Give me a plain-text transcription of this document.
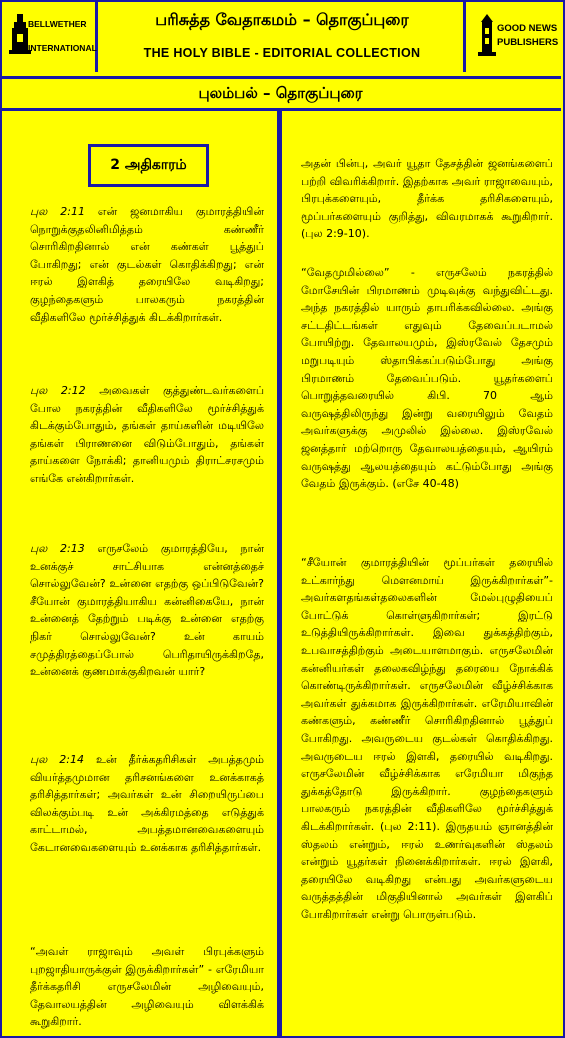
BELLWETHER
INTERNATIONAL
பரிசுத்த வேதாகமம் – தொகுப்புரை
THE HOLY BIBLE - EDITORIAL COLLECTION
GOOD NEWS
PUBLISHERS
புலம்பல் – தொகுப்புரை
2 அதிகாரம்
புல 2:11 என் ஜனமாகிய குமாரத்தியின் நொறுக்குதலினிமித்தம் கண்ணீர் சொரிகிறதினால் என் கண்கள் பூத்துப் போகிறது; என் குடல்கள் கொதிக்கிறது; என் ஈரல் இளகித் தரையிலே வடிகிறது; குழந்தைகளும் பாலகரும் நகரத்தின் வீதிகளிலே மூர்ச்சித்துக் கிடக்கிறார்கள்.
புல 2:12 அவைகள் குத்துண்டவர்களைப் போல நகரத்தின் வீதிகளிலே மூர்ச்சித்துக் கிடக்கும்போதும், தங்கள் தாய்களின் மடியிலே தங்கள் பிராணனை விடும்போதும், தங்கள் தாய்களை நோக்கி; தானியமும் திராட்சரசமும் எங்கே என்கிறார்கள்.
புல 2:13 எருசலேம் குமாரத்தியே, நான் உனக்குச் சாட்சியாக என்னத்தைச் சொல்லுவேன்? உன்னை எதற்கு ஒப்பிடுவேன்? சீயோன் குமாரத்தியாகிய கன்னிகையே, நான் உன்னைத் தேற்றும் படிக்கு உன்னை எதற்கு நிகர் சொல்லுவேன்? உன் காயம் சமுத்திரத்தைப்போல் பெரிதாயிருக்கிறதே, உன்னைக் குணமாக்குகிறவன் யார்?
புல 2:14 உன் தீர்க்கதரிசிகள் அபத்தமும் வியர்த்தமுமான தரிசனங்களை உனக்காகத் தரிசித்தார்கள்; அவர்கள் உன் சிறையிருப்பை விலக்கும்படி உன் அக்கிரமத்தை எடுத்துக் காட்டாமல், அபத்தமானவைகளையும் கேடானவைகளையும் உனக்காக தரிசித்தார்கள்.
“அவள் ராஜாவும் அவள் பிரபுக்களும் புறஜாதியாருக்குள் இருக்கிறார்கள்” - எரேமியா தீர்க்கதரிசி எருசலேமின் அழிவையும், தேவாலயத்தின் அழிவையும் விளக்கிக் கூறுகிறார்.
அதன் பின்பு, அவர் யூதா தேசத்தின் ஜனங்களைப் பற்றி விவரிக்கிறார். இதற்காக அவர் ராஜாவையும், பிரபுக்களையும், தீர்க்க தரிசிகளையும், மூப்பர்களையும் குறித்து, விவரமாகக் கூறுகிறார். (புல 2:9-10).
“வேதமுமில்லை” - எருசலேம் நகரத்தில் மோசேயின் பிரமாணம் முடிவுக்கு வந்துவிட்டது. அந்த நகரத்தில் யாரும் தாபரிக்கவில்லை. அங்கு சட்டதிட்டங்கள் எதுவும் தேவைப்படாமல் போயிற்று. தேவாலயமும், இஸ்ரவேல் தேசமும் மறுபடியும் ஸ்தாபிக்கப்படும்போது அங்கு பிரமாணம் தேவைப்படும். யூதர்களைப் பொறுத்தவரையில் கிபி. 70 ஆம் வருஷத்திலிருந்து இன்று வரையிலும் வேதம் அவர்களுக்கு அமுலில் இல்லை. இஸ்ரவேல் ஜனத்தார் மற்றொரு தேவாலயத்தையும், ஆயிரம் வருஷத்து ஆலயத்தையும் கட்டும்போது அங்கு வேதம் இருக்கும். (எசே 40-48)
“சீயோன் குமாரத்தியின் மூப்பர்கள் தரையில் உட்கார்ந்து மௌனமாய் இருக்கிறார்கள்”-அவர்களதங்கள்தலைகளின் மேல்புழுதியைப் போட்டுக் கொள்ளுகிறார்கள்; இரட்டு உடுத்தியிருக்கிறார்கள். இவை துக்கத்திற்கும், உபவாசத்திற்கும் அடையாளமாகும். எருசலேமின் கன்னியர்கள் தலைகவிழ்ந்து தரையை நோக்கிக் கொண்டிருக்கிறார்கள். எருசலேமின் வீழ்ச்சிக்காக அவர்கள் துக்கமாக இருக்கிறார்கள். எரேமியாவின் கண்களும், கண்ணீர் சொரிகிறதினால் பூத்துப் போகிறது. அவருடைய குடல்கள் கொதிக்கிறது. அவருடைய ஈரல் இளகி, தரையில் வடிகிறது. எருசலேமின் வீழ்ச்சிக்காக எரேமியா மிகுந்த துக்கத்தோடு இருக்கிறார். குழந்தைகளும் பாலகரும் நகரத்தின் வீதிகளிலே மூர்ச்சித்துக் கிடக்கிறார்கள். (புல 2:11). இருதயம் ஞானத்தின் ஸ்தலம் என்றும், ஈரல் உணர்வுகளின் ஸ்தலம் என்றும் யூதர்கள் நினைக்கிறார்கள். ஈரல் இளகி, தரையிலே வடிகிறது என்பது அவர்களுடைய வருத்தத்தின் மிகுதியினால் அவர்கள் இளகிப் போகிறார்கள் என்று பொருள்படும்.
